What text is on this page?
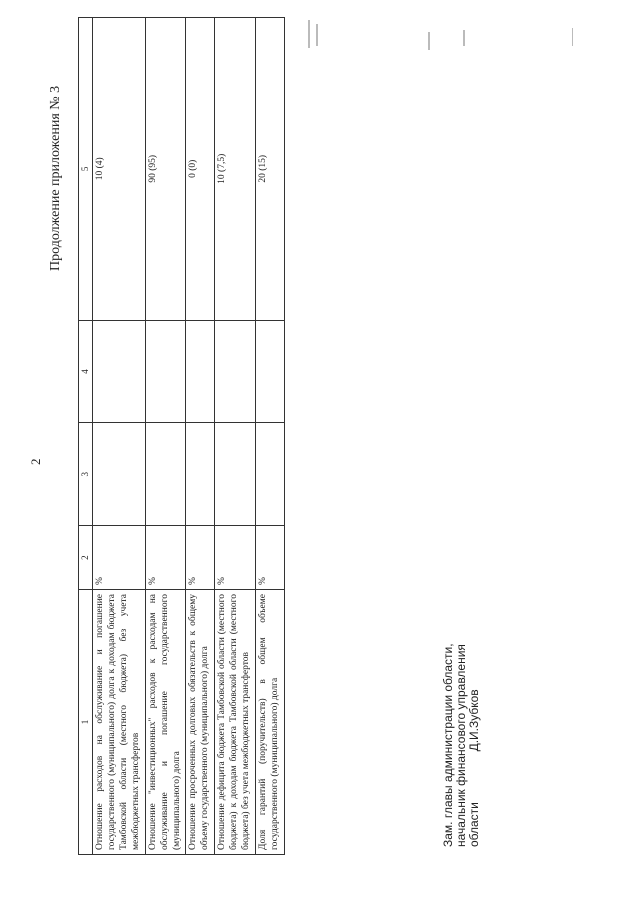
2
Продолжение приложения № 3
1	2	3	4	5
Отношение расходов на обслуживание и погашение государственного (муниципального) долга к доходам бюджета Тамбовской области (местного бюджета) без учета межбюджетных трансфертов	%			10 (4)
Отношение "инвестиционных" расходов к расходам на обслуживание и погашение государственного (муниципального) долга	%			90 (95)
Отношение просроченных долговых обязательств к общему объему государственного (муниципального) долга	%			0 (0)
Отношение дефицита бюджета Тамбовской области (местного бюджета) к доходам бюджета Тамбовской области (местного бюджета) без учета межбюджетных трансфертов	%			10 (7,5)
Доля гарантий (поручительств) в общем объеме государственного (муниципального) долга	%			20 (15)
Зам. главы администрации области, начальник финансового управления области  Д.И.Зубков
